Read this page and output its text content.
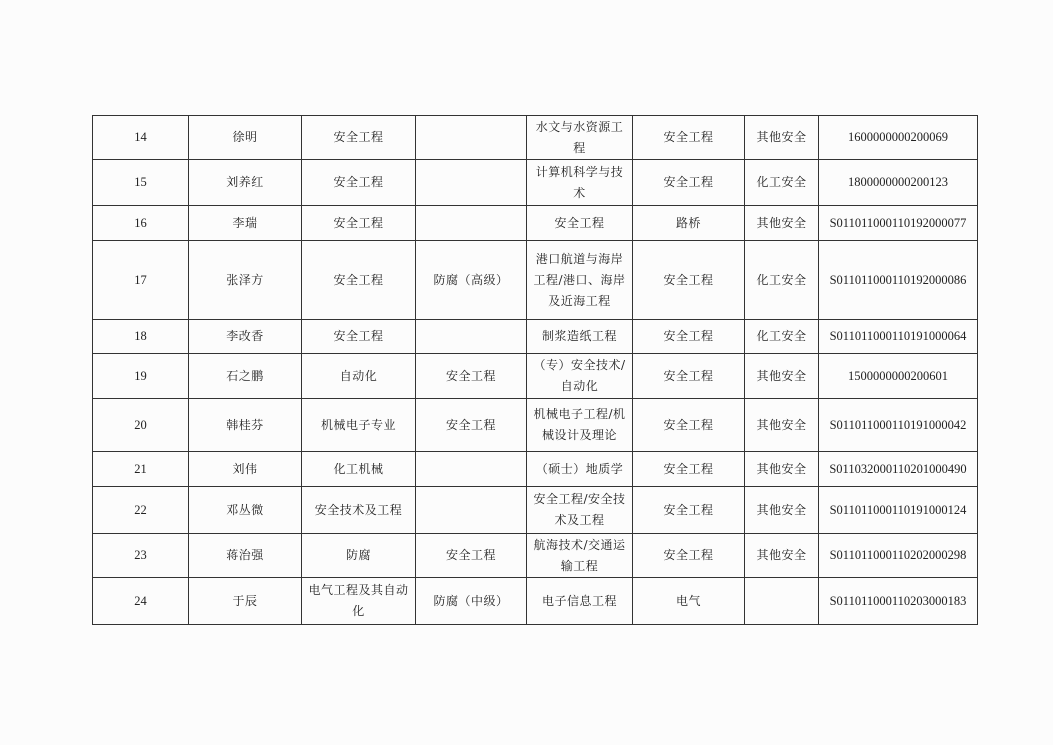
14	徐明	安全工程		水文与水资源工程	安全工程	其他安全	1600000000200069
15	刘养红	安全工程		计算机科学与技术	安全工程	化工安全	1800000000200123
16	李瑞	安全工程		安全工程	路桥	其他安全	S011011000110192000077
17	张泽方	安全工程	防腐（高级）	港口航道与海岸工程/港口、海岸及近海工程	安全工程	化工安全	S011011000110192000086
18	李改香	安全工程		制浆造纸工程	安全工程	化工安全	S011011000110191000064
19	石之鹏	自动化	安全工程	（专）安全技术/自动化	安全工程	其他安全	1500000000200601
20	韩桂芬	机械电子专业	安全工程	机械电子工程/机械设计及理论	安全工程	其他安全	S011011000110191000042
21	刘伟	化工机械		（硕士）地质学	安全工程	其他安全	S011032000110201000490
22	邓丛微	安全技术及工程		安全工程/安全技术及工程	安全工程	其他安全	S011011000110191000124
23	蒋治强	防腐	安全工程	航海技术/交通运输工程	安全工程	其他安全	S011011000110202000298
24	于辰	电气工程及其自动化	防腐（中级）	电子信息工程	电气		S011011000110203000183
